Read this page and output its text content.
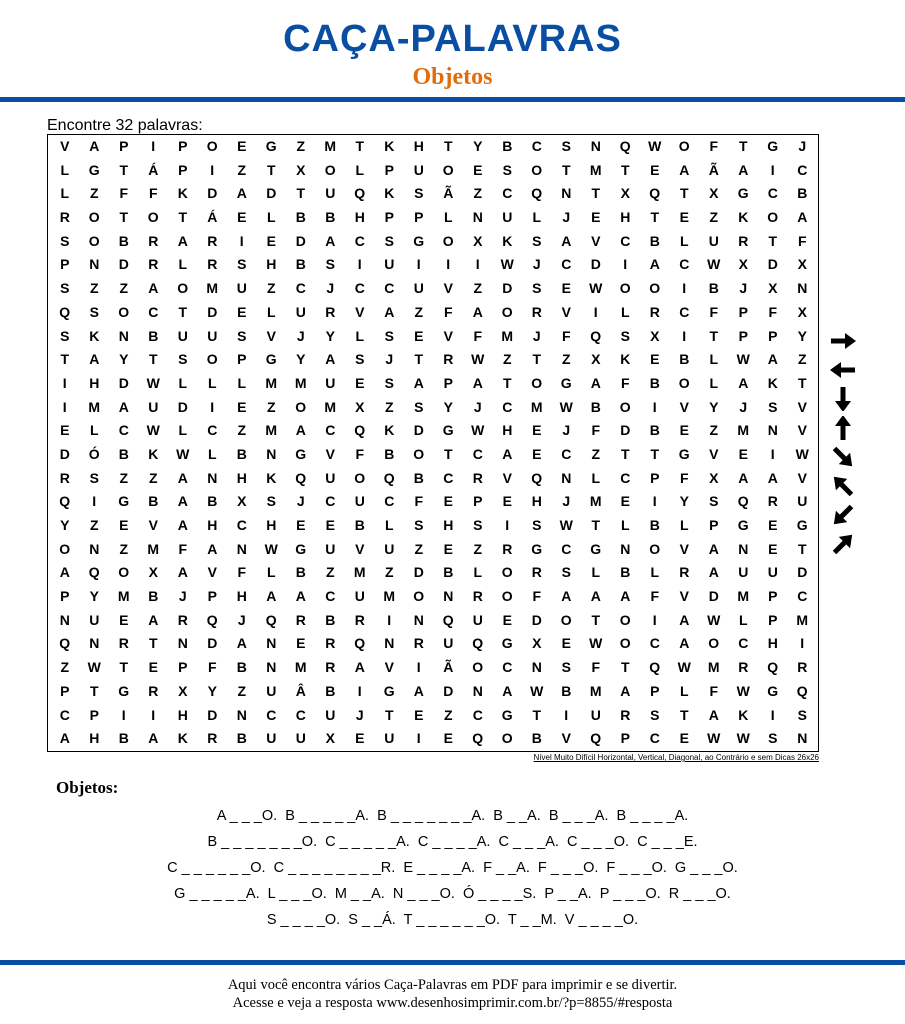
CAÇA-PALAVRAS
Objetos
Encontre 32 palavras:
V	A	P	I	P	O	E	G	Z	M	T	K	H	T	Y	B	C	S	N	Q	W	O	F	T	G	J
L	G	T	Á	P	I	Z	T	X	O	L	P	U	O	E	S	O	T	M	T	E	A	Ã	A	I	C
L	Z	F	F	K	D	A	D	T	U	Q	K	S	Ã	Z	C	Q	N	T	X	Q	T	X	G	C	B
R	O	T	O	T	Á	E	L	B	B	H	P	P	L	N	U	L	J	E	H	T	E	Z	K	O	A
S	O	B	R	A	R	I	E	D	A	C	S	G	O	X	K	S	A	V	C	B	L	U	R	T	F
P	N	D	R	L	R	S	H	B	S	I	U	I	I	I	W	J	C	D	I	A	C	W	X	D	X
S	Z	Z	A	O	M	U	Z	C	J	C	C	U	V	Z	D	S	E	W	O	O	I	B	J	X	N
Q	S	O	C	T	D	E	L	U	R	V	A	Z	F	A	O	R	V	I	L	R	C	F	P	F	X
S	K	N	B	U	U	S	V	J	Y	L	S	E	V	F	M	J	F	Q	S	X	I	T	P	P	Y
T	A	Y	T	S	O	P	G	Y	A	S	J	T	R	W	Z	T	Z	X	K	E	B	L	W	A	Z
I	H	D	W	L	L	L	M	M	U	E	S	A	P	A	T	O	G	A	F	B	O	L	A	K	T
I	M	A	U	D	I	E	Z	O	M	X	Z	S	Y	J	C	M	W	B	O	I	V	Y	J	S	V
E	L	C	W	L	C	Z	M	A	C	Q	K	D	G	W	H	E	J	F	D	B	E	Z	M	N	V
D	Ó	B	K	W	L	B	N	G	V	F	B	O	T	C	A	E	C	Z	T	T	G	V	E	I	W
R	S	Z	Z	A	N	H	K	Q	U	O	Q	B	C	R	V	Q	N	L	C	P	F	X	A	A	V
Q	I	G	B	A	B	X	S	J	C	U	C	F	E	P	E	H	J	M	E	I	Y	S	Q	R	U
Y	Z	E	V	A	H	C	H	E	E	B	L	S	H	S	I	S	W	T	L	B	L	P	G	E	G
O	N	Z	M	F	A	N	W	G	U	V	U	Z	E	Z	R	G	C	G	N	O	V	A	N	E	T
A	Q	O	X	A	V	F	L	B	Z	M	Z	D	B	L	O	R	S	L	B	L	R	A	U	U	D
P	Y	M	B	J	P	H	A	A	C	U	M	O	N	R	O	F	A	A	A	F	V	D	M	P	C
N	U	E	A	R	Q	J	Q	R	B	R	I	N	Q	U	E	D	O	T	O	I	A	W	L	P	M
Q	N	R	T	N	D	A	N	E	R	Q	N	R	U	Q	G	X	E	W	O	C	A	O	C	H	I
Z	W	T	E	P	F	B	N	M	R	A	V	I	Ã	O	C	N	S	F	T	Q	W	M	R	Q	R
P	T	G	R	X	Y	Z	U	Â	B	I	G	A	D	N	A	W	B	M	A	P	L	F	W	G	Q
C	P	I	I	H	D	N	C	C	U	J	T	E	Z	C	G	T	I	U	R	S	T	A	K	I	S
A	H	B	A	K	R	B	U	U	X	E	U	I	E	Q	O	B	V	Q	P	C	E	W	W	S	N
Nível Muito Difícil Horizontal, Vertical, Diagonal, ao Contrário e sem Dicas 26x26
Objetos:
A _ _ _O.  B _ _ _ _ _A.  B _ _ _ _ _ _ _A.  B _ _A.  B _ _ _A.  B _ _ _ _A.
B _ _ _ _ _ _ _O.  C _ _ _ _ _A.  C _ _ _ _A.  C _ _ _A.  C _ _ _O.  C _ _ _E.
C _ _ _ _ _ _O.  C _ _ _ _ _ _ _ _R.  E _ _ _ _A.  F _ _A.  F _ _ _O.  F _ _ _O.  G _ _ _O.
G _ _ _ _ _A.  L _ _ _O.  M _ _A.  N _ _ _O.  Ó _ _ _ _S.  P _ _A.  P _ _ _O.  R _ _ _O.
S _ _ _ _O.  S _ _Á.  T _ _ _ _ _ _O.  T _ _M.  V _ _ _ _O.
Aqui você encontra vários Caça-Palavras em PDF para imprimir e se divertir.
Acesse e veja a resposta www.desenhosimprimir.com.br/?p=8855/#resposta
